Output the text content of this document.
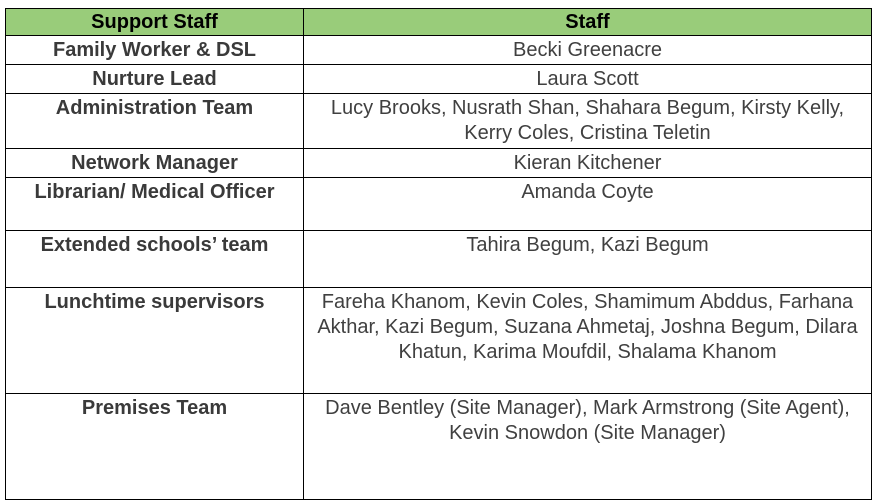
Support Staff	Staff
Family Worker & DSL	Becki Greenacre
Nurture Lead	Laura Scott
Administration Team	Lucy Brooks, Nusrath Shan, Shahara Begum, Kirsty Kelly, Kerry Coles, Cristina Teletin
Network Manager	Kieran Kitchener
Librarian/ Medical Officer	Amanda Coyte
Extended schools’ team	Tahira Begum, Kazi Begum
Lunchtime supervisors	Fareha Khanom, Kevin Coles, Shamimum Abddus, Farhana Akthar, Kazi Begum, Suzana Ahmetaj, Joshna Begum, Dilara Khatun, Karima Moufdil, Shalama Khanom
Premises Team	Dave Bentley (Site Manager), Mark Armstrong (Site Agent), Kevin Snowdon (Site Manager)
